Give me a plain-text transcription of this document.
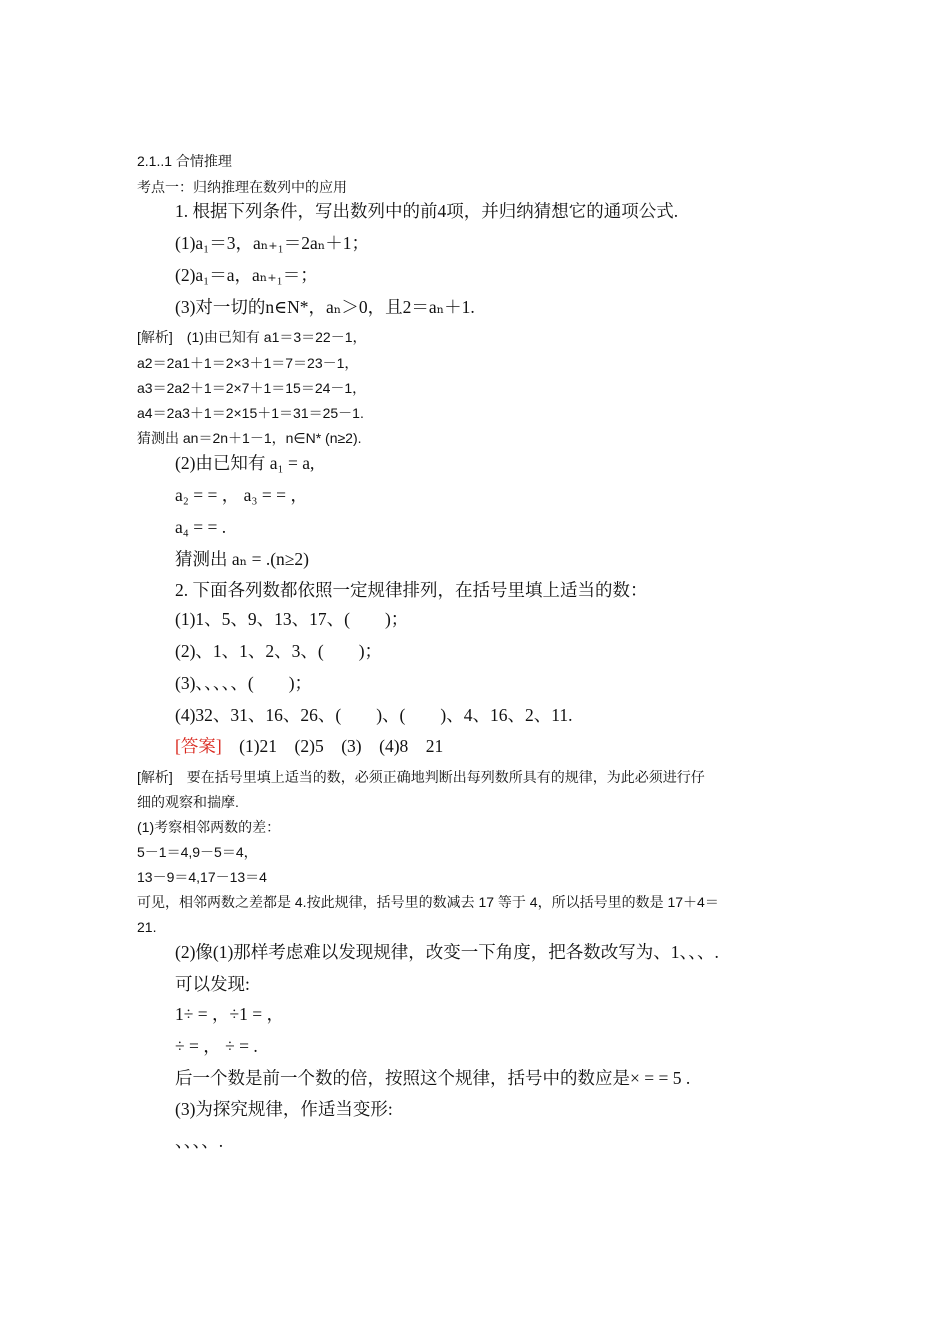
2.1..1 合情推理
考点一：归纳推理在数列中的应用
1. 根据下列条件，写出数列中的前4项，并归纳猜想它的通项公式.
(1)a₁＝3，aₙ₊₁＝2aₙ＋1；
(2)a₁＝a，aₙ₊₁＝；
(3)对一切的n∈N*，aₙ＞0，且2＝aₙ＋1.
[解析]　(1)由已知有 a1＝3＝22－1，
a2＝2a1＋1＝2×3＋1＝7＝23－1，
a3＝2a2＋1＝2×7＋1＝15＝24－1，
a4＝2a3＋1＝2×15＋1＝31＝25－1.
猜测出 an＝2n＋1－1，n∈N* (n≥2).
(2)由已知有 a₁ = a,
a₂ = = ， a₃ = = ，
a₄ = = .
猜测出 aₙ = .(n≥2)
2. 下面各列数都依照一定规律排列，在括号里填上适当的数：
(1)1、5、9、13、17、(　　)；
(2)、1、1、2、3、(　　)；
(3)、、、、、(　　)；
(4)32、31、16、26、(　　)、(　　)、4、16、2、11.
[答案]　(1)21　(2)5　(3)　(4)8　21
[解析]　要在括号里填上适当的数，必须正确地判断出每列数所具有的规律，为此必须进行仔
细的观察和揣摩.
(1)考察相邻两数的差：
5－1＝4,9－5＝4，
13－9＝4,17－13＝4
可见，相邻两数之差都是 4.按此规律，括号里的数减去 17 等于 4，所以括号里的数是 17＋4＝
21.
(2)像(1)那样考虑难以发现规律，改变一下角度，把各数改写为、1、、、.
可以发现:
1÷ = ，÷1 = ，
÷ = ， ÷ = .
后一个数是前一个数的倍，按照这个规律，括号中的数应是× = = 5 .
(3)为探究规律，作适当变形:
、、、、.
